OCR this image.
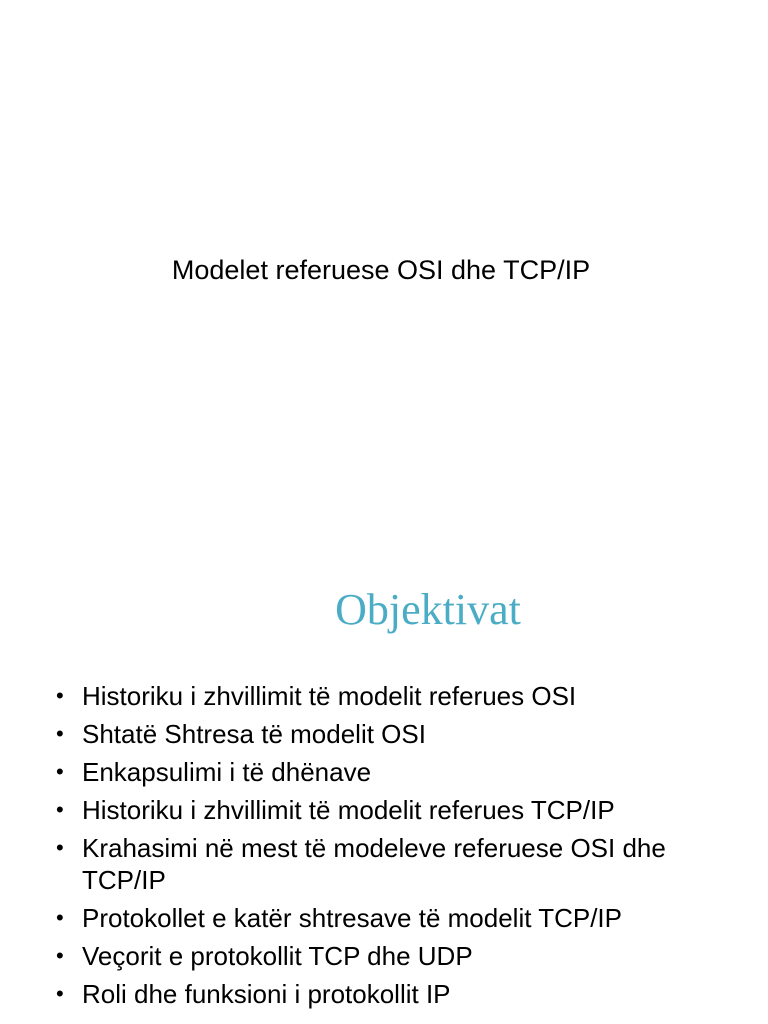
Modelet referuese OSI dhe TCP/IP
Objektivat
• Historiku i zhvillimit të modelit referues OSI
• Shtatë Shtresa të modelit OSI
• Enkapsulimi i të dhënave
• Historiku i zhvillimit të modelit referues TCP/IP
• Krahasimi në mest të modeleve referuese OSI dhe TCP/IP
• Protokollet e katër shtresave të modelit TCP/IP
• Veçorit e protokollit TCP dhe UDP
• Roli dhe funksioni i protokollit IP
